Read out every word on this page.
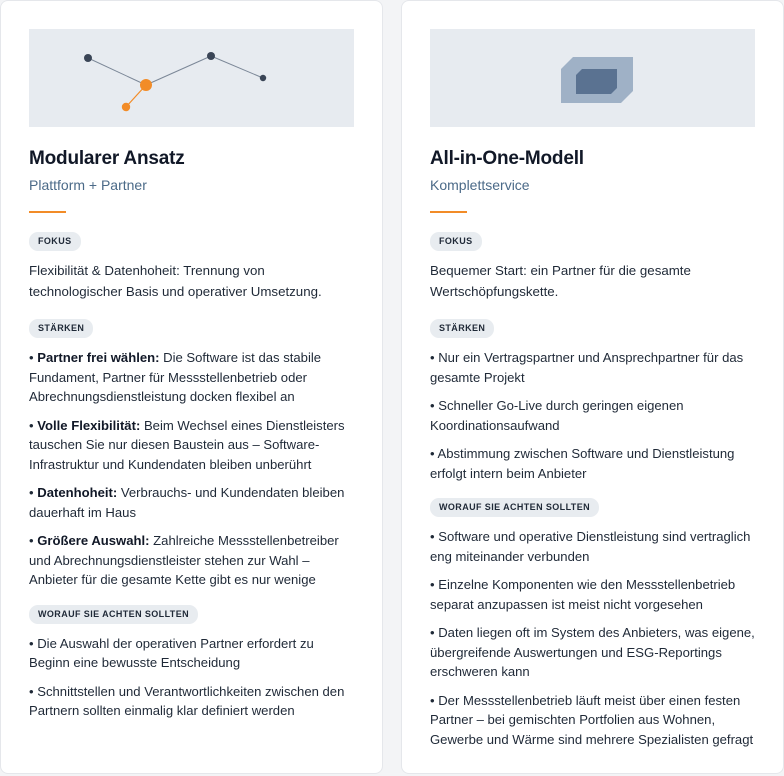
Modularer Ansatz
Plattform + Partner
FOKUS

Flexibilität & Datenhoheit: Trennung von technologischer Basis und operativer Umsetzung.

STÄRKEN

• Partner frei wählen: Die Software ist das stabile Fundament, Partner für Messstellenbetrieb oder Abrechnungsdienstleistung docken flexibel an

• Volle Flexibilität: Beim Wechsel eines Dienstleisters tauschen Sie nur diesen Baustein aus – Software-Infrastruktur und Kundendaten bleiben unberührt

• Datenhoheit: Verbrauchs- und Kundendaten bleiben dauerhaft im Haus

• Größere Auswahl: Zahlreiche Messstellenbetreiber und Abrechnungsdienstleister stehen zur Wahl – Anbieter für die gesamte Kette gibt es nur wenige

WORAUF SIE ACHTEN SOLLTEN

• Die Auswahl der operativen Partner erfordert zu Beginn eine bewusste Entscheidung

• Schnittstellen und Verantwortlichkeiten zwischen den Partnern sollten einmalig klar definiert werden

All-in-One-Modell
Komplettservice
FOKUS

Bequemer Start: ein Partner für die gesamte Wertschöpfungskette.

STÄRKEN

• Nur ein Vertragspartner und Ansprechpartner für das gesamte Projekt

• Schneller Go-Live durch geringen eigenen Koordinationsaufwand

• Abstimmung zwischen Software und Dienstleistung erfolgt intern beim Anbieter

WORAUF SIE ACHTEN SOLLTEN

• Software und operative Dienstleistung sind vertraglich eng miteinander verbunden

• Einzelne Komponenten wie den Messstellenbetrieb separat anzupassen ist meist nicht vorgesehen

• Daten liegen oft im System des Anbieters, was eigene, übergreifende Auswertungen und ESG-Reportings erschweren kann

• Der Messstellenbetrieb läuft meist über einen festen Partner – bei gemischten Portfolien aus Wohnen, Gewerbe und Wärme sind mehrere Spezialisten gefragt
